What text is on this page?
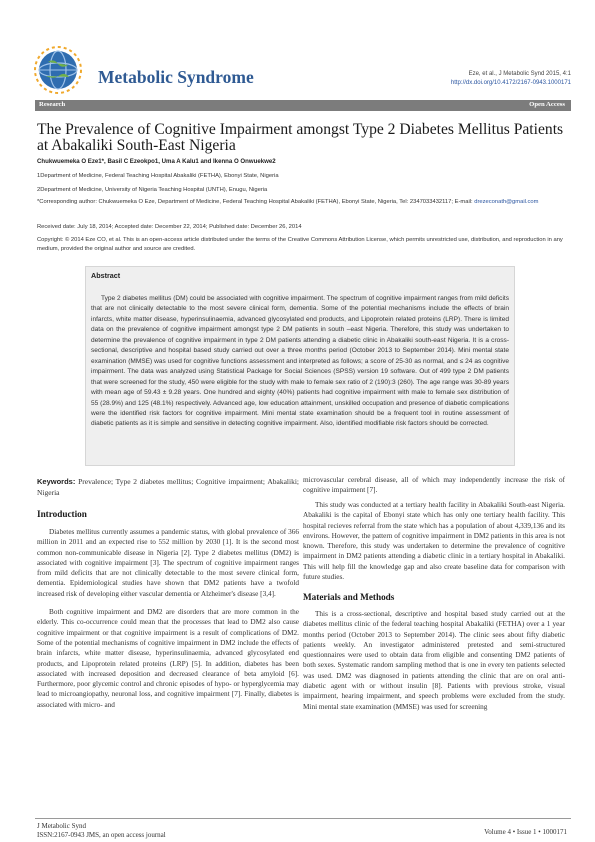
Metabolic Syndrome	Eze, et al., J Metabolic Synd 2015, 4:1
http://dx.doi.org/10.4172/2167-0943.1000171
Research	Open Access
The Prevalence of Cognitive Impairment amongst Type 2 Diabetes Mellitus Patients at Abakaliki South-East Nigeria
Chukwuemeka O Eze1*, Basil C Ezeokpo1, Uma A Kalu1 and Ikenna O Onwuekwe2
1Department of Medicine, Federal Teaching Hospital Abakaliki (FETHA), Ebonyi State, Nigeria
2Department of Medicine, University of Nigeria Teaching Hospital (UNTH), Enugu, Nigeria
*Corresponding author: Chukwuemeka O Eze, Department of Medicine, Federal Teaching Hospital Abakaliki (FETHA), Ebonyi State, Nigeria, Tel: 2347033432117; E-mail: drezeconath@gmail.com
Received date: July 18, 2014; Accepted date: December 22, 2014; Published date: December 26, 2014
Copyright: © 2014 Eze CO, et al. This is an open-access article distributed under the terms of the Creative Commons Attribution License, which permits unrestricted use, distribution, and reproduction in any medium, provided the original author and source are credited.
Abstract
Type 2 diabetes mellitus (DM) could be associated with cognitive impairment. The spectrum of cognitive impairment ranges from mild deficits that are not clinically detectable to the most severe clinical form, dementia. Some of the potential mechanisms include the effects of brain infarcts, white matter disease, hyperinsulinaemia, advanced glycosylated end products, and Lipoprotein related proteins (LRP). There is limited data on the prevalence of cognitive impairment amongst type 2 DM patients in south –east Nigeria. Therefore, this study was undertaken to determine the prevalence of cognitive impairment in type 2 DM patients attending a diabetic clinic in Abakaliki south-east Nigeria. It is a cross-sectional, descriptive and hospital based study carried out over a three months period (October 2013 to September 2014). Mini mental state examination (MMSE) was used for cognitive functions assessment and interpreted as follows; a score of 25-30 as normal, and ≤ 24 as cognitive impairment. The data was analyzed using Statistical Package for Social Sciences (SPSS) version 19 software. Out of 499 type 2 DM patients that were screened for the study, 450 were eligible for the study with male to female sex ratio of 2 (190):3 (260). The age range was 30-89 years with mean age of 59.43 ± 9.28 years. One hundred and eighty (40%) patients had cognitive impairment with male to female sex distribution of 55 (28.9%) and 125 (48.1%) respectively. Advanced age, low education attainment, unskilled occupation and presence of diabetic complications were the identified risk factors for cognitive impairment. Mini mental state examination should be a frequent tool in routine assessment of diabetic patients as it is simple and sensitive in detecting cognitive impairment. Also, identified modifiable risk factors should be corrected.
Keywords: Prevalence; Type 2 diabetes mellitus; Cognitive impairment; Abakaliki; Nigeria
Introduction

Diabetes mellitus currently assumes a pandemic status, with global prevalence of 366 million in 2011 and an expected rise to 552 million by 2030 [1]. It is the second most common non-communicable disease in Nigeria [2]. Type 2 diabetes mellitus (DM2) is associated with cognitive impairment [3]. The spectrum of cognitive impairment ranges from mild deficits that are not clinically detectable to the most severe clinical form, dementia. Epidemiological studies have shown that DM2 patients have a twofold increased risk of developing either vascular dementia or Alzheimer's disease [3,4].

Both cognitive impairment and DM2 are disorders that are more common in the elderly. This co-occurrence could mean that the processes that lead to DM2 also cause cognitive impairment or that cognitive impairment is a result of complications of DM2. Some of the potential mechanisms of cognitive impairment in DM2 include the effects of brain infarcts, white matter disease, hyperinsulinaemia, advanced glycosylated end products, and Lipoprotein related proteins (LRP) [5]. In addition, diabetes has been associated with increased deposition and decreased clearance of beta amyloid [6]. Furthermore, poor glycemic control and chronic episodes of hypo- or hyperglycemia may lead to microangiopathy, neuronal loss, and cognitive impairment [7]. Finally, diabetes is associated with micro- and

microvascular cerebral disease, all of which may independently increase the risk of cognitive impairment [7].

This study was conducted at a tertiary health facility in Abakaliki South-east Nigeria. Abakaliki is the capital of Ebonyi state which has only one tertiary health facility. This hospital recieves referral from the state which has a population of about 4,339,136 and its environs. However, the pattern of cognitive impairment in DM2 patients in this area is not known. Therefore, this study was undertaken to determine the prevalence of cognitive impairment in DM2 patients attending a diabetic clinic in a tertiary hospital in Abakaliki. This will help fill the knowledge gap and also create baseline data for comparison with future studies.

Materials and Methods

This is a cross-sectional, descriptive and hospital based study carried out at the diabetes mellitus clinic of the federal teaching hospital Abakaliki (FETHA) over a 1 year months period (October 2013 to September 2014). The clinic sees about fifty diabetic patients weekly. An investigator administered pretested and semi-structured questionnaires were used to obtain data from eligible and consenting DM2 patients of both sexes. Systematic random sampling method that is one in every ten patients selected was used. DM2 was diagnosed in patients attending the clinic that are on oral anti-diabetic agent with or without insulin [8]. Patients with previous stroke, visual impairment, hearing impairment, and speech problems were excluded from the study. Mini mental state examination (MMSE) was used for screening

J Metabolic Synd
ISSN:2167-0943 JMS, an open access journal	Volume 4 • Issue 1 • 1000171
